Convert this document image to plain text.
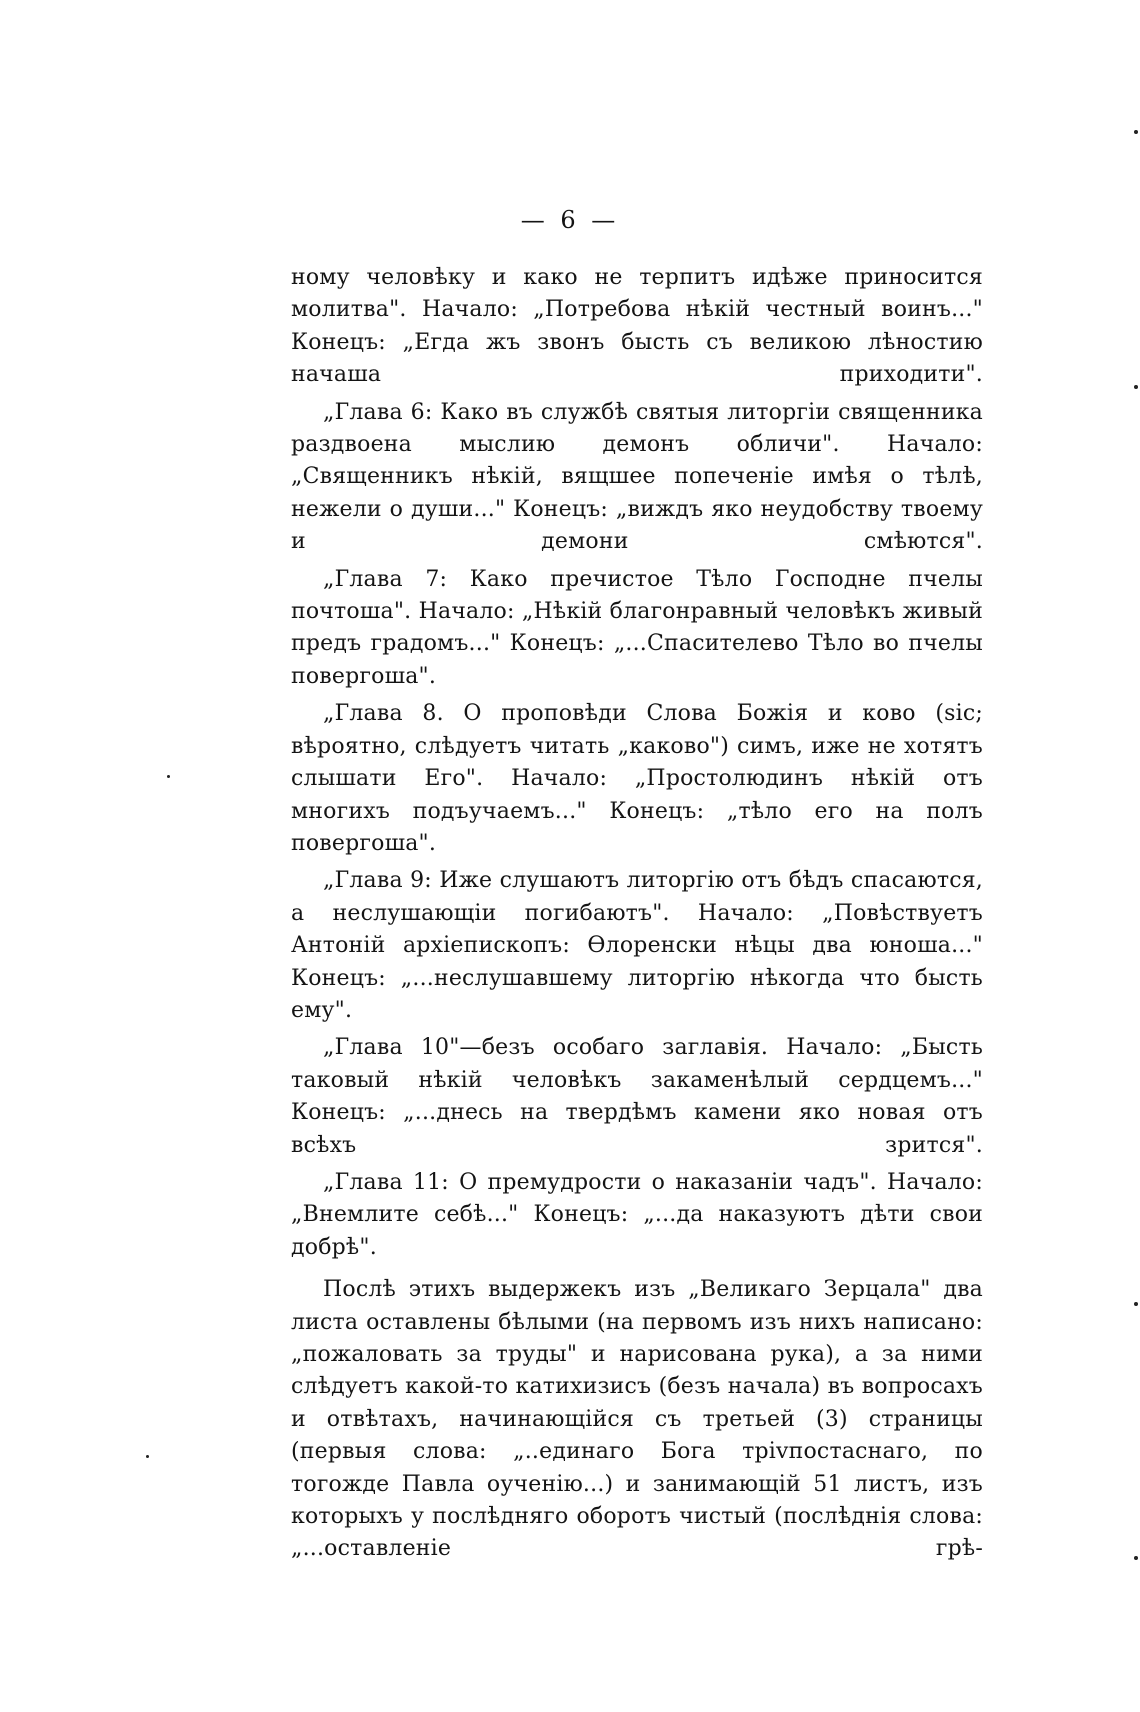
— 6 —

ному человѣку и како не терпитъ идѣже приносится молитва". Начало: „Потребова нѣкій честный воинъ..." Конецъ: „Егда жъ звонъ бысть съ великою лѣностию начаша приходити".

„Глава 6: Како въ службѣ святыя литоргіи священника раздвоена мыслию демонъ обличи". Начало: „Священникъ нѣкій, вящшее попеченіе имѣя о тѣлѣ, нежели о души..." Конецъ: „виждъ яко неудобству твоему и демони смѣются".

„Глава 7: Како пречистое Тѣло Господне пчелы почтоша". Начало: „Нѣкій благонравный человѣкъ живый предъ градомъ..." Конецъ: „...Спасителево Тѣло во пчелы повергоша".

„Глава 8. О проповѣди Слова Божія и ково (sic; вѣроятно, слѣдуетъ читать „каково") симъ, иже не хотятъ слышати Его". Начало: „Простолюдинъ нѣкій отъ многихъ подъучаемъ..." Конецъ: „тѣло его на полъ повергоша".

„Глава 9: Иже слушаютъ литоргію отъ бѣдъ спасаются, а неслушающіи погибаютъ". Начало: „Повѣствуетъ Антоній архіепископъ: Ѳлоренски нѣцы два юноша..." Конецъ: „...неслушавшему литоргію нѣкогда что бысть ему".

„Глава 10"—безъ особаго заглавія. Начало: „Бысть таковый нѣкій человѣкъ закаменѣлый сердцемъ..." Конецъ: „...днесь на твердѣмъ камени яко новая отъ всѣхъ зрится".

„Глава 11: О премудрости о наказаніи чадъ". Начало: „Внемлите себѣ..." Конецъ: „...да наказуютъ дѣти свои добрѣ".

Послѣ этихъ выдержекъ изъ „Великаго Зерцала" два листа оставлены бѣлыми (на первомъ изъ нихъ написано: „пожаловать за труды" и нарисована рука), а за ними слѣдуетъ какой-то катихизисъ (безъ начала) въ вопросахъ и отвѣтахъ, начинающійся съ третьей (3) страницы (первыя слова: „..единаго Бога тріvпостаснаго, по тогожде Павла оученію...) и занимающій 51 листъ, изъ которыхъ у послѣдняго оборотъ чистый (послѣднія слова: „...оставленіе грѣ-
